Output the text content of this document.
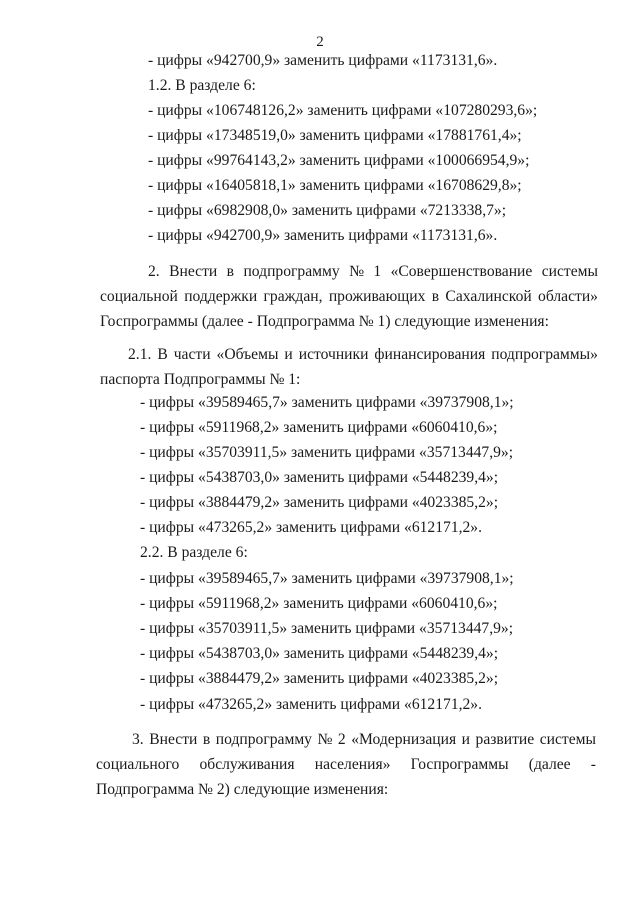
2
- цифры «942700,9» заменить цифрами «1173131,6».
1.2. В разделе 6:
- цифры «106748126,2» заменить цифрами «107280293,6»;
- цифры «17348519,0» заменить цифрами «17881761,4»;
- цифры «99764143,2» заменить цифрами «100066954,9»;
- цифры «16405818,1» заменить цифрами «16708629,8»;
- цифры «6982908,0» заменить цифрами «7213338,7»;
- цифры «942700,9» заменить цифрами «1173131,6».
2. Внести в подпрограмму № 1 «Совершенствование системы
социальной поддержки граждан, проживающих в Сахалинской области»
Госпрограммы (далее - Подпрограмма № 1) следующие изменения:
2.1. В части «Объемы и источники финансирования подпрограммы»
паспорта Подпрограммы № 1:
- цифры «39589465,7» заменить цифрами «39737908,1»;
- цифры «5911968,2» заменить цифрами «6060410,6»;
- цифры «35703911,5» заменить цифрами «35713447,9»;
- цифры «5438703,0» заменить цифрами «5448239,4»;
- цифры «3884479,2» заменить цифрами «4023385,2»;
- цифры «473265,2» заменить цифрами «612171,2».
2.2. В разделе 6:
- цифры «39589465,7» заменить цифрами «39737908,1»;
- цифры «5911968,2» заменить цифрами «6060410,6»;
- цифры «35703911,5» заменить цифрами «35713447,9»;
- цифры «5438703,0» заменить цифрами «5448239,4»;
- цифры «3884479,2» заменить цифрами «4023385,2»;
- цифры «473265,2» заменить цифрами «612171,2».
3. Внести в подпрограмму № 2 «Модернизация и развитие системы
социального обслуживания населения» Госпрограммы (далее -
Подпрограмма № 2) следующие изменения:
